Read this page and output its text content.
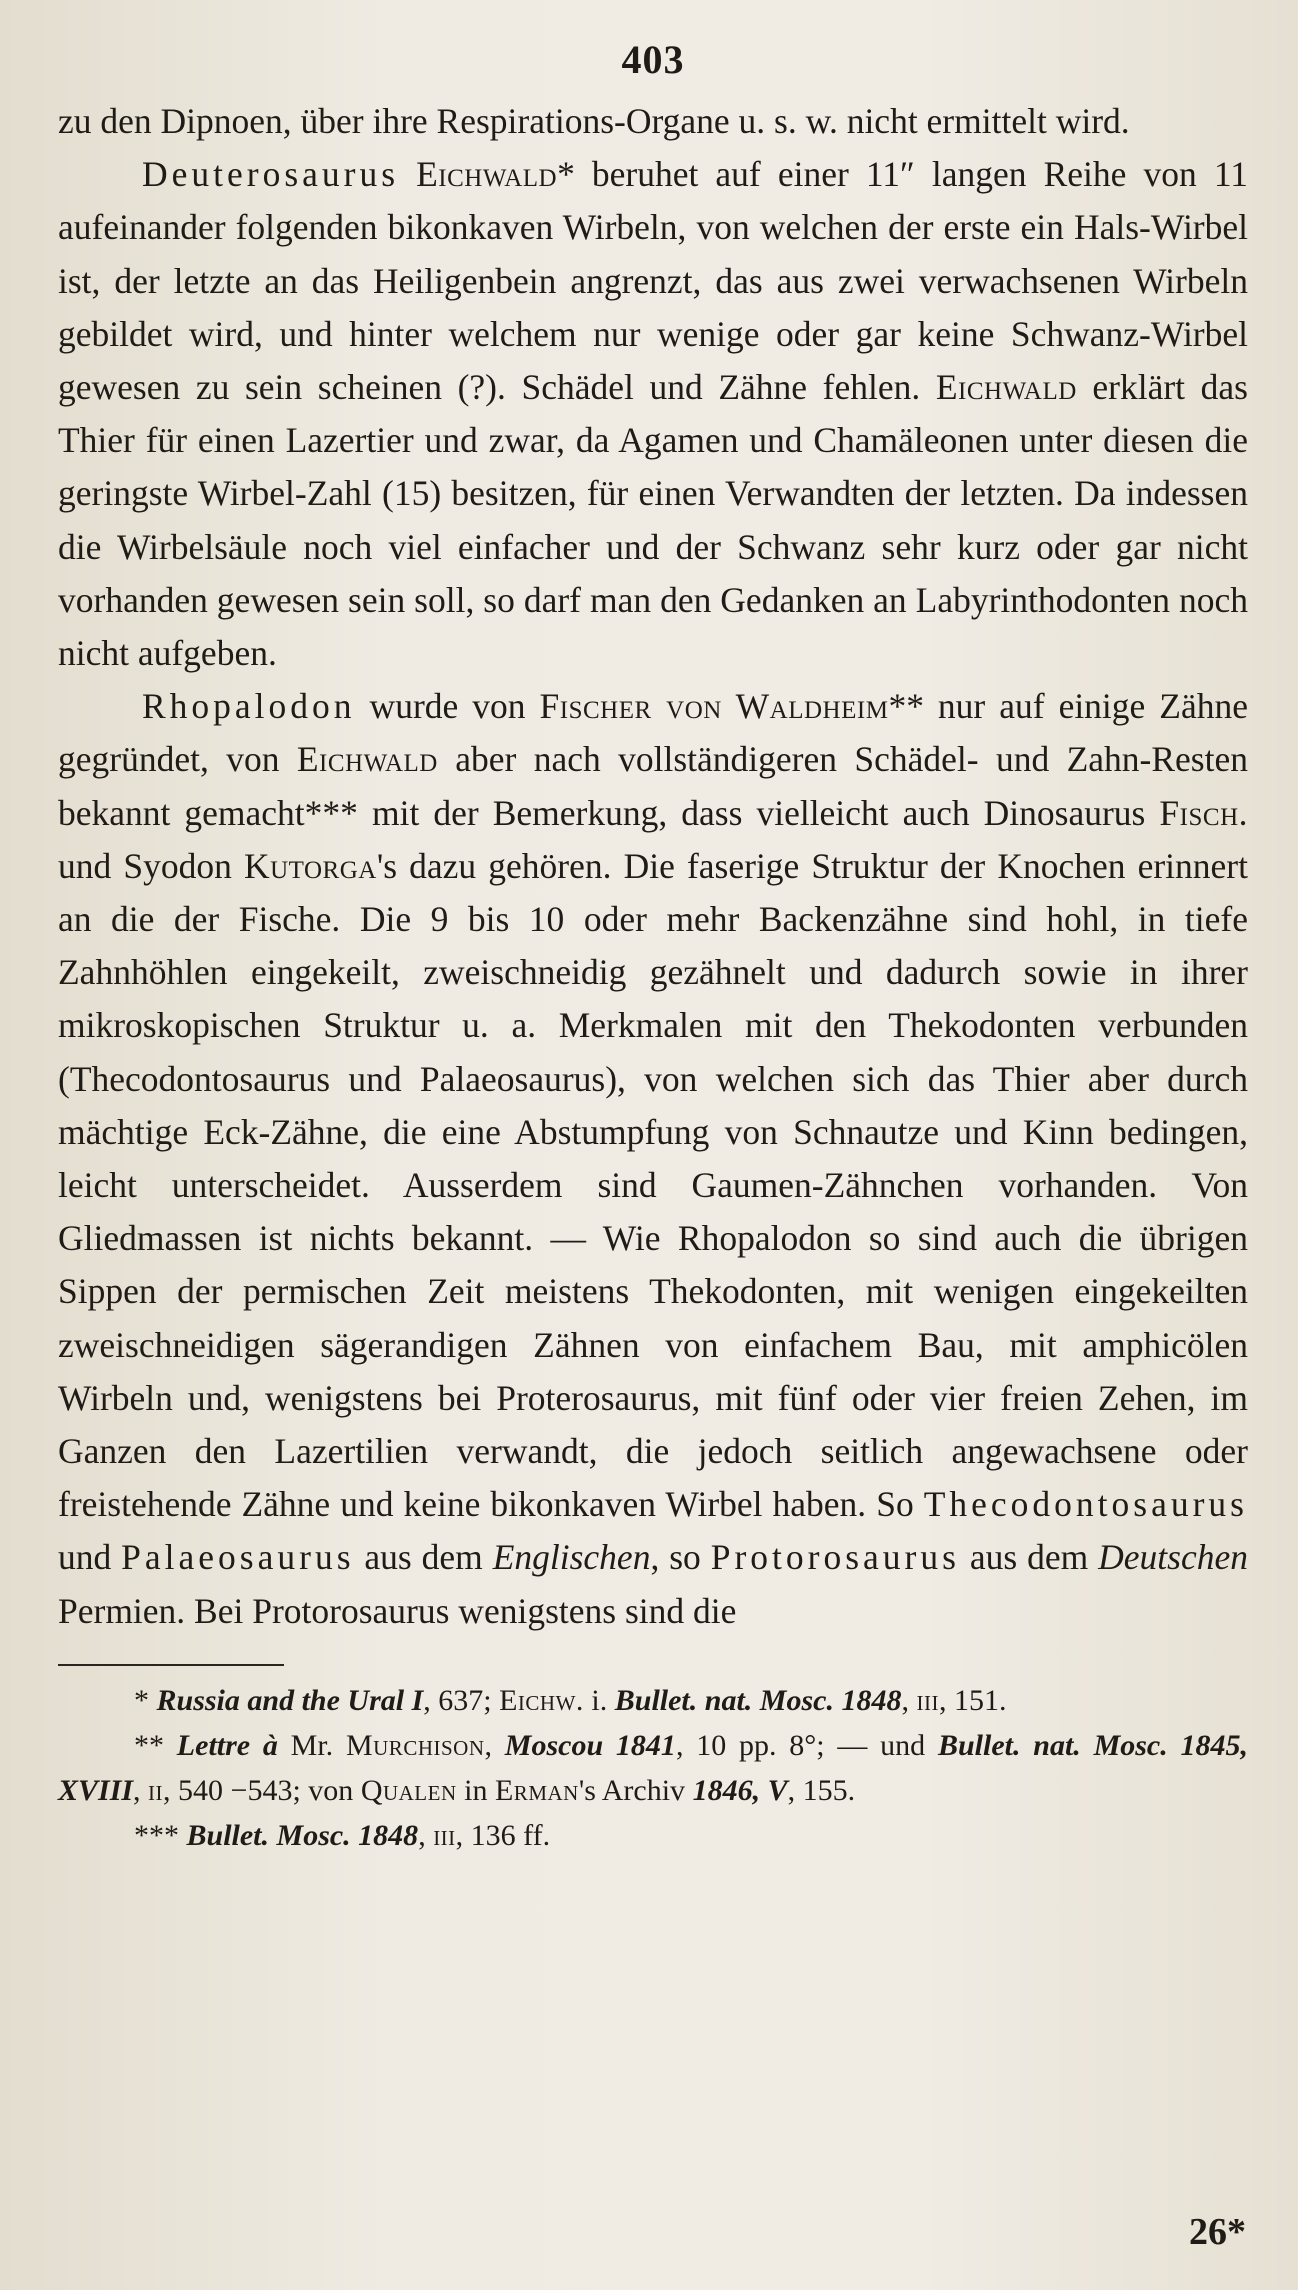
403

zu den Dipnoen, über ihre Respirations-Organe u. s. w. nicht ermittelt wird.

Deuterosaurus Eichwald* beruhet auf einer 11″ langen Reihe von 11 aufeinander folgenden bikonkaven Wirbeln, von welchen der erste ein Hals-Wirbel ist, der letzte an das Heiligenbein angrenzt, das aus zwei verwachsenen Wirbeln gebildet wird, und hinter welchem nur wenige oder gar keine Schwanz-Wirbel gewesen zu sein scheinen (?). Schädel und Zähne fehlen. Eichwald erklärt das Thier für einen Lazertier und zwar, da Agamen und Chamäleonen unter diesen die geringste Wirbel-Zahl (15) besitzen, für einen Verwandten der letzten. Da indessen die Wirbelsäule noch viel einfacher und der Schwanz sehr kurz oder gar nicht vorhanden gewesen sein soll, so darf man den Gedanken an Labyrinthodonten noch nicht aufgeben.

Rhopalodon wurde von Fischer von Waldheim** nur auf einige Zähne gegründet, von Eichwald aber nach vollständigeren Schädel- und Zahn-Resten bekannt gemacht*** mit der Bemerkung, dass vielleicht auch Dinosaurus Fisch. und Syodon Kutorga's dazu gehören. Die faserige Struktur der Knochen erinnert an die der Fische. Die 9 bis 10 oder mehr Backenzähne sind hohl, in tiefe Zahnhöhlen eingekeilt, zweischneidig gezähnelt und dadurch sowie in ihrer mikroskopischen Struktur u. a. Merkmalen mit den Thekodonten verbunden (Thecodontosaurus und Palaeosaurus), von welchen sich das Thier aber durch mächtige Eck-Zähne, die eine Abstumpfung von Schnautze und Kinn bedingen, leicht unterscheidet. Ausserdem sind Gaumen-Zähnchen vorhanden. Von Gliedmassen ist nichts bekannt. — Wie Rhopalodon so sind auch die übrigen Sippen der permischen Zeit meistens Thekodonten, mit wenigen eingekeilten zweischneidigen sägerandigen Zähnen von einfachem Bau, mit amphicölen Wirbeln und, wenigstens bei Proterosaurus, mit fünf oder vier freien Zehen, im Ganzen den Lazertilien verwandt, die jedoch seitlich angewachsene oder freistehende Zähne und keine bikonkaven Wirbel haben. So Thecodontosaurus und Palaeosaurus aus dem Englischen, so Protorosaurus aus dem Deutschen Permien. Bei Protorosaurus wenigstens sind die

* Russia and the Ural I, 637; Eichw. i. Bullet. nat. Mosc. 1848, iii, 151.

** Lettre à Mr. Murchison, Moscou 1841, 10 pp. 8°; — und Bullet. nat. Mosc. 1845, XVIII, ii, 540 −543; von Qualen in Erman's Archiv 1846, V, 155.

*** Bullet. Mosc. 1848, iii, 136 ff.

26*
